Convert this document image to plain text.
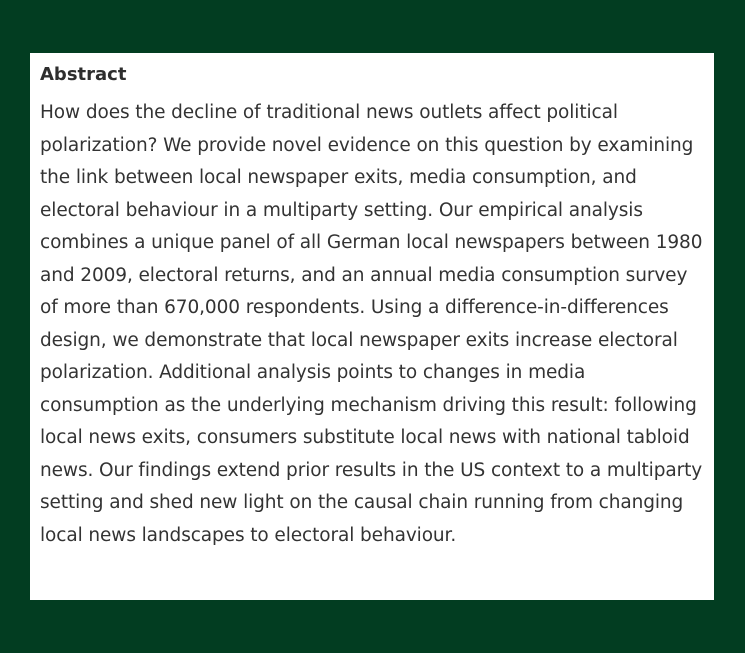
Abstract

How does the decline of traditional news outlets affect political polarization? We provide novel evidence on this question by examining the link between local newspaper exits, media consumption, and electoral behaviour in a multiparty setting. Our empirical analysis combines a unique panel of all German local newspapers between 1980 and 2009, electoral returns, and an annual media consumption survey of more than 670,000 respondents. Using a difference-in-differences design, we demonstrate that local newspaper exits increase electoral polarization. Additional analysis points to changes in media consumption as the underlying mechanism driving this result: following local news exits, consumers substitute local news with national tabloid news. Our findings extend prior results in the US context to a multiparty setting and shed new light on the causal chain running from changing local news landscapes to electoral behaviour.
